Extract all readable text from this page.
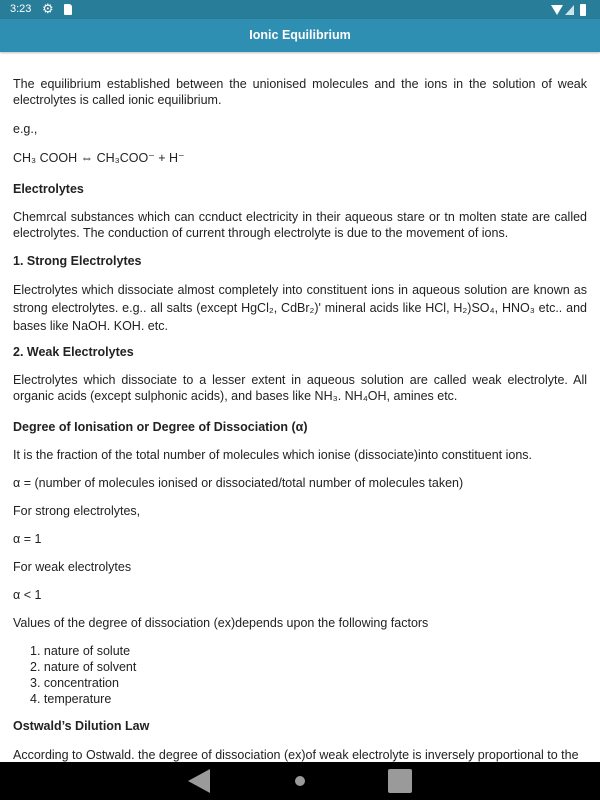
3:23 ⚙
Ionic Equilibrium
The equilibrium established between the unionised molecules and the ions in the solution of weak electrolytes is called ionic equilibrium.
e.g.,
CH₃ COOH ⇔ CH₃COO⁻ + H⁻
Electrolytes
Chemrcal substances which can ccnduct electricity in their aqueous stare or tn molten state are called electrolytes. The conduction of current through electrolyte is due to the movement of ions.
1. Strong Electrolytes
Electrolytes which dissociate almost completely into constituent ions in aqueous solution are known as strong electrolytes. e.g.. all salts (except HgCl₂, CdBr₂)' mineral acids like HCl, H₂)SO₄, HNO₃ etc.. and bases like NaOH. KOH. etc.
2. Weak Electrolytes
Electrolytes which dissociate to a lesser extent in aqueous solution are called weak electrolyte. All organic acids (except sulphonic acids), and bases like NH₃. NH₄OH, amines etc.
Degree of Ionisation or Degree of Dissociation (α)
It is the fraction of the total number of molecules which ionise (dissociate)into constituent ions.
α = (number of molecules ionised or dissociated/total number of molecules taken)
For strong electrolytes,
α = 1
For weak electrolytes
α < 1
Values of the degree of dissociation (ex)depends upon the following factors
1. nature of solute
2. nature of solvent
3. concentration
4. temperature
Ostwald’s Dilution Law
According to Ostwald. the degree of dissociation (ex)of weak electrolyte is inversely proportional to the
